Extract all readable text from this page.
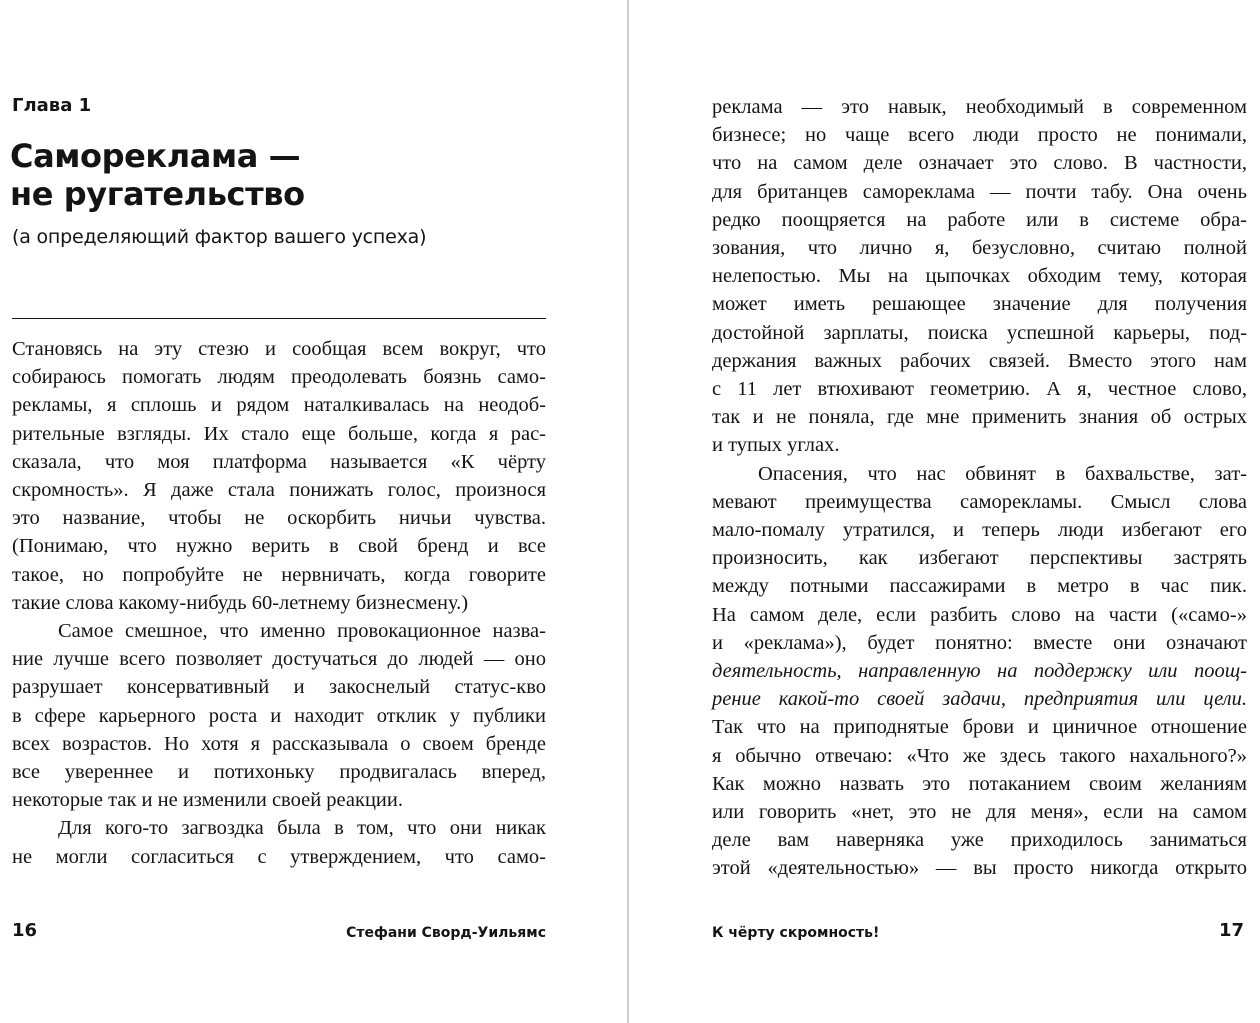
Глава 1
Самореклама —
не ругательство

(а определяющий фактор вашего успеха)

Становясь на эту стезю и сообщая всем вокруг, что
собираюсь помогать людям преодолевать боязнь само-
рекламы, я сплошь и рядом наталкивалась на неодоб-
рительные взгляды. Их стало еще больше, когда я рас-
сказала, что моя платформа называется «К чёрту
скромность». Я даже стала понижать голос, произнося
это название, чтобы не оскорбить ничьи чувства.
(Понимаю, что нужно верить в свой бренд и все
такое, но попробуйте не нервничать, когда говорите
такие слова какому-нибудь 60-летнему бизнесмену.)
Самое смешное, что именно провокационное назва-
ние лучше всего позволяет достучаться до людей — оно
разрушает консервативный и закоснелый статус-кво
в сфере карьерного роста и находит отклик у публики
всех возрастов. Но хотя я рассказывала о своем бренде
все увереннее и потихоньку продвигалась вперед,
некоторые так и не изменили своей реакции.
Для кого-то загвоздка была в том, что они никак
не могли согласиться с утверждением, что само-

16	Стефани Сворд-Уильямс

реклама — это навык, необходимый в современном
бизнесе; но чаще всего люди просто не понимали,
что на самом деле означает это слово. В частности,
для британцев самореклама — почти табу. Она очень
редко поощряется на работе или в системе обра-
зования, что лично я, безусловно, считаю полной
нелепостью. Мы на цыпочках обходим тему, которая
может иметь решающее значение для получения
достойной зарплаты, поиска успешной карьеры, под-
держания важных рабочих связей. Вместо этого нам
с 11 лет втюхивают геометрию. А я, честное слово,
так и не поняла, где мне применить знания об острых
и тупых углах.
Опасения, что нас обвинят в бахвальстве, зат-
мевают преимущества саморекламы. Смысл слова
мало-помалу утратился, и теперь люди избегают его
произносить, как избегают перспективы застрять
между потными пассажирами в метро в час пик.
На самом деле, если разбить слово на части («само-»
и «реклама»), будет понятно: вместе они означают
деятельность, направленную на поддержку или поощ-
рение какой-то своей задачи, предприятия или цели.
Так что на приподнятые брови и циничное отношение
я обычно отвечаю: «Что же здесь такого нахального?»
Как можно назвать это потаканием своим желаниям
или говорить «нет, это не для меня», если на самом
деле вам наверняка уже приходилось заниматься
этой «деятельностью» — вы просто никогда открыто

К чёрту скромность!	17
